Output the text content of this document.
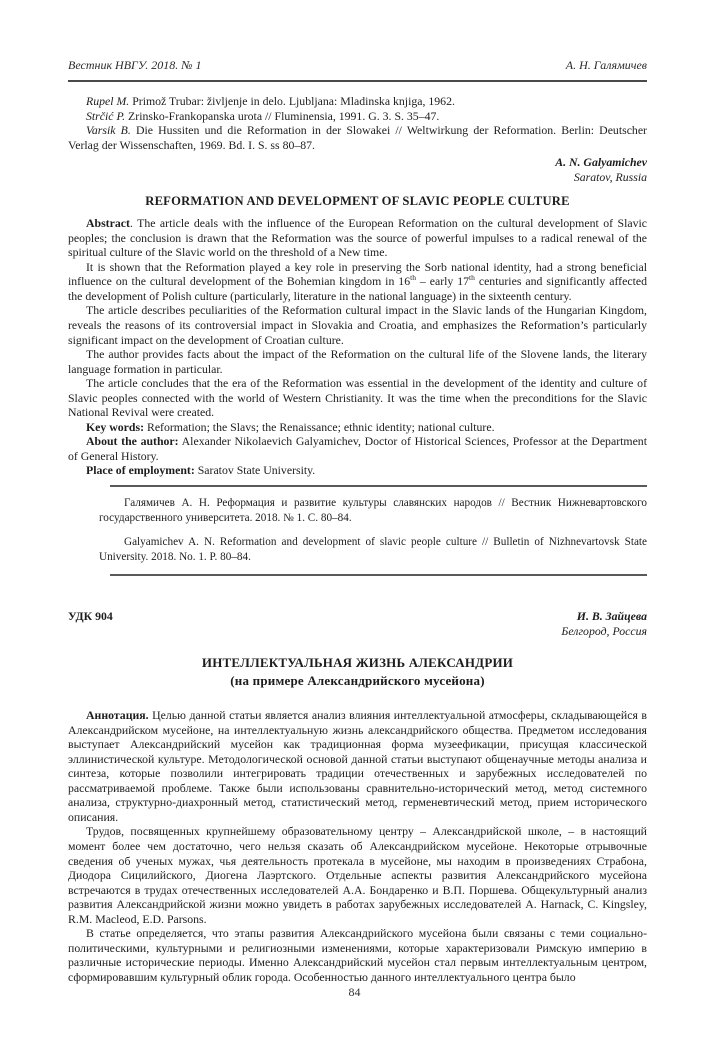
Вестник НВГУ. 2018. № 1	А. Н. Галямичев

Rupel M. Primož Trubar: življenje in delo. Ljubljana: Mladinska knjiga, 1962.

Strčić P. Zrinsko-Frankopanska urota // Fluminensia, 1991. G. 3. S. 35–47.

Varsik B. Die Hussiten und die Reformation in der Slowakei // Weltwirkung der Reformation. Berlin: Deutscher Verlag der Wissenschaften, 1969. Bd. I. S. ss 80–87.

A. N. Galyamichev
Saratov, Russia
REFORMATION AND DEVELOPMENT OF SLAVIC PEOPLE CULTURE

Abstract. The article deals with the influence of the European Reformation on the cultural development of Slavic peoples; the conclusion is drawn that the Reformation was the source of powerful impulses to a radical renewal of the spiritual culture of the Slavic world on the threshold of a New time.

It is shown that the Reformation played a key role in preserving the Sorb national identity, had a strong beneficial influence on the cultural development of the Bohemian kingdom in 16th – early 17th centuries and significantly affected the development of Polish culture (particularly, literature in the national language) in the sixteenth century.

The article describes peculiarities of the Reformation cultural impact in the Slavic lands of the Hungarian Kingdom, reveals the reasons of its controversial impact in Slovakia and Croatia, and emphasizes the Reformation’s particularly significant impact on the development of Croatian culture.

The author provides facts about the impact of the Reformation on the cultural life of the Slovene lands, the literary language formation in particular.

The article concludes that the era of the Reformation was essential in the development of the identity and culture of Slavic peoples connected with the world of Western Christianity. It was the time when the preconditions for the Slavic National Revival were created.

Key words: Reformation; the Slavs; the Renaissance; ethnic identity; national culture.

About the author: Alexander Nikolaevich Galyamichev, Doctor of Historical Sciences, Professor at the Department of General History.

Place of employment: Saratov State University.

Галямичев А. Н. Реформация и развитие культуры славянских народов // Вестник Нижневартовского государственного университета. 2018. № 1. С. 80–84.

Galyamichev A. N. Reformation and development of slavic people culture // Bulletin of Nizhnevartovsk State University. 2018. No. 1. P. 80–84.

УДК 904	И. В. Зайцева
Белгород, Россия
ИНТЕЛЛЕКТУАЛЬНАЯ ЖИЗНЬ АЛЕКСАНДРИИ
(на примере Александрийского мусейона)

Аннотация. Целью данной статьи является анализ влияния интеллектуальной атмосферы, складывающейся в Александрийском мусейоне, на интеллектуальную жизнь александрийского общества. Предметом исследования выступает Александрийский мусейон как традиционная форма музеефикации, присущая классической эллинистической культуре. Методологической основой данной статьи выступают общенаучные методы анализа и синтеза, которые позволили интегрировать традиции отечественных и зарубежных исследователей по рассматриваемой проблеме. Также были использованы сравнительно-исторический метод, метод системного анализа, структурно-диахронный метод, статистический метод, герменевтический метод, прием исторического описания.

Трудов, посвященных крупнейшему образовательному центру – Александрийской школе, – в настоящий момент более чем достаточно, чего нельзя сказать об Александрийском мусейоне. Некоторые отрывочные сведения об ученых мужах, чья деятельность протекала в мусейоне, мы находим в произведениях Страбона, Диодора Сицилийского, Диогена Лаэртского. Отдельные аспекты развития Александрийского мусейона встречаются в трудах отечественных исследователей А.А. Бондаренко и В.П. Поршева. Общекультурный анализ развития Александрийской жизни можно увидеть в работах зарубежных исследователей A. Harnack, C. Kingsley, R.M. Macleod, E.D. Parsons.

В статье определяется, что этапы развития Александрийского мусейона были связаны с теми социально-политическими, культурными и религиозными изменениями, которые характеризовали Римскую империю в различные исторические периоды. Именно Александрийский мусейон стал первым интеллектуальным центром, сформировавшим культурный облик города. Особенностью данного интеллектуального центра было

84
